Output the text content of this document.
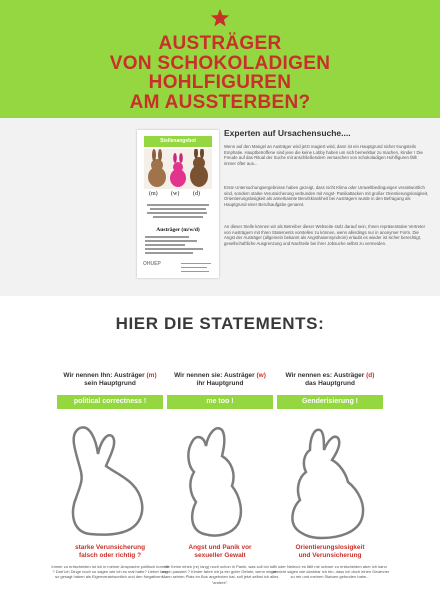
AUSTRÄGER
VON SCHOKOLADIGEN
HOHLFIGUREN
AM AUSSTERBEN?
Stellenangebot
(m) (w) (d)
Austräger (m/w/d)
OHUEP
Experten auf Ursachensuche....

Wenn auf den Mangel an Austräger wird jetzt reagiert wird, dann ist ein Hauptgrund sicher trungsteils Emphatie. Hauptbetroffene sind jene die keine Lobby haben um sich bemerkbar zu machen, Kinder ! Die Freude auf das Ritual der Suche mit anschließendem vernaschen von schokoladigen Hohlfiguren fällt immer öfter aus...

Erste Untersuchungsergebnisse haben gezeigt, dass nicht Klima oder Umweltbedingungen verantwortlich sind, sondern starke Verunsicherung verbunden mit Angst- Panikattacken mit großer Orientierungslosigkeit, Orientierungslosigkeit als annerkannte Berufskrankheit bei Austrägern wurde in den Befragung als Hauptgrund einer Berufsaufgabe genannt.

An dieser Stelle können wir als Betreiber dieser Webseite stolz darauf sein, Ihnen repräsentative Vertreter von Austrägern mit Ihren Statements vorstellen zu können, wenn allerdings nur in anonymer Form. Die Angst der Austräger (allgemein bekannt als Angsthasensyndrom) erlaubt es wieder ist sicher berechtigt, gesellschaftliche Ausgrenzung und Nachteile bei ihrer Jobsuche selbst zu vermeiden.

HIER DIE STATEMENTS:
Wir nennen Ihn: Austräger (m)
sein Hauptgrund
political correctness !
starke Verunsicherung
falsch oder richtig ?

Immer zu entscheiden ist ich in meiner Ansprache politisch korrekt ? Darf ich Dinge noch so sagen wie ich es mal hatte? Lieber lang so gesagt haben als Eigenverantwortlich und den Negativen...

Wir nennen sie: Austräger (w)
ihr Hauptgrund
me too !
Angst und Panik vor
sexueller Gewalt

die Keine eines (nr) lang) noch schon in Panik, was soll ich tun wenn passiert ? Kinder fahre ich ja ein guter Gefahr, wenn mir ein Mann seinen Platz im Bus angeboten hat, soll jetzt selbst ich alles "andere".

Wir nennen es: Austräger (d)
das Hauptgrund
Genderisierung !
Orientierungslosigkeit
und Verunsicherung

Ei oder Nelecu! es fällt mir schwer zu entscheiden aber ich kann gar nicht sagen wie dankbar ich bin, dass ich doch einen Gewinner zu mir und meinen Statuen gefunden habe...
